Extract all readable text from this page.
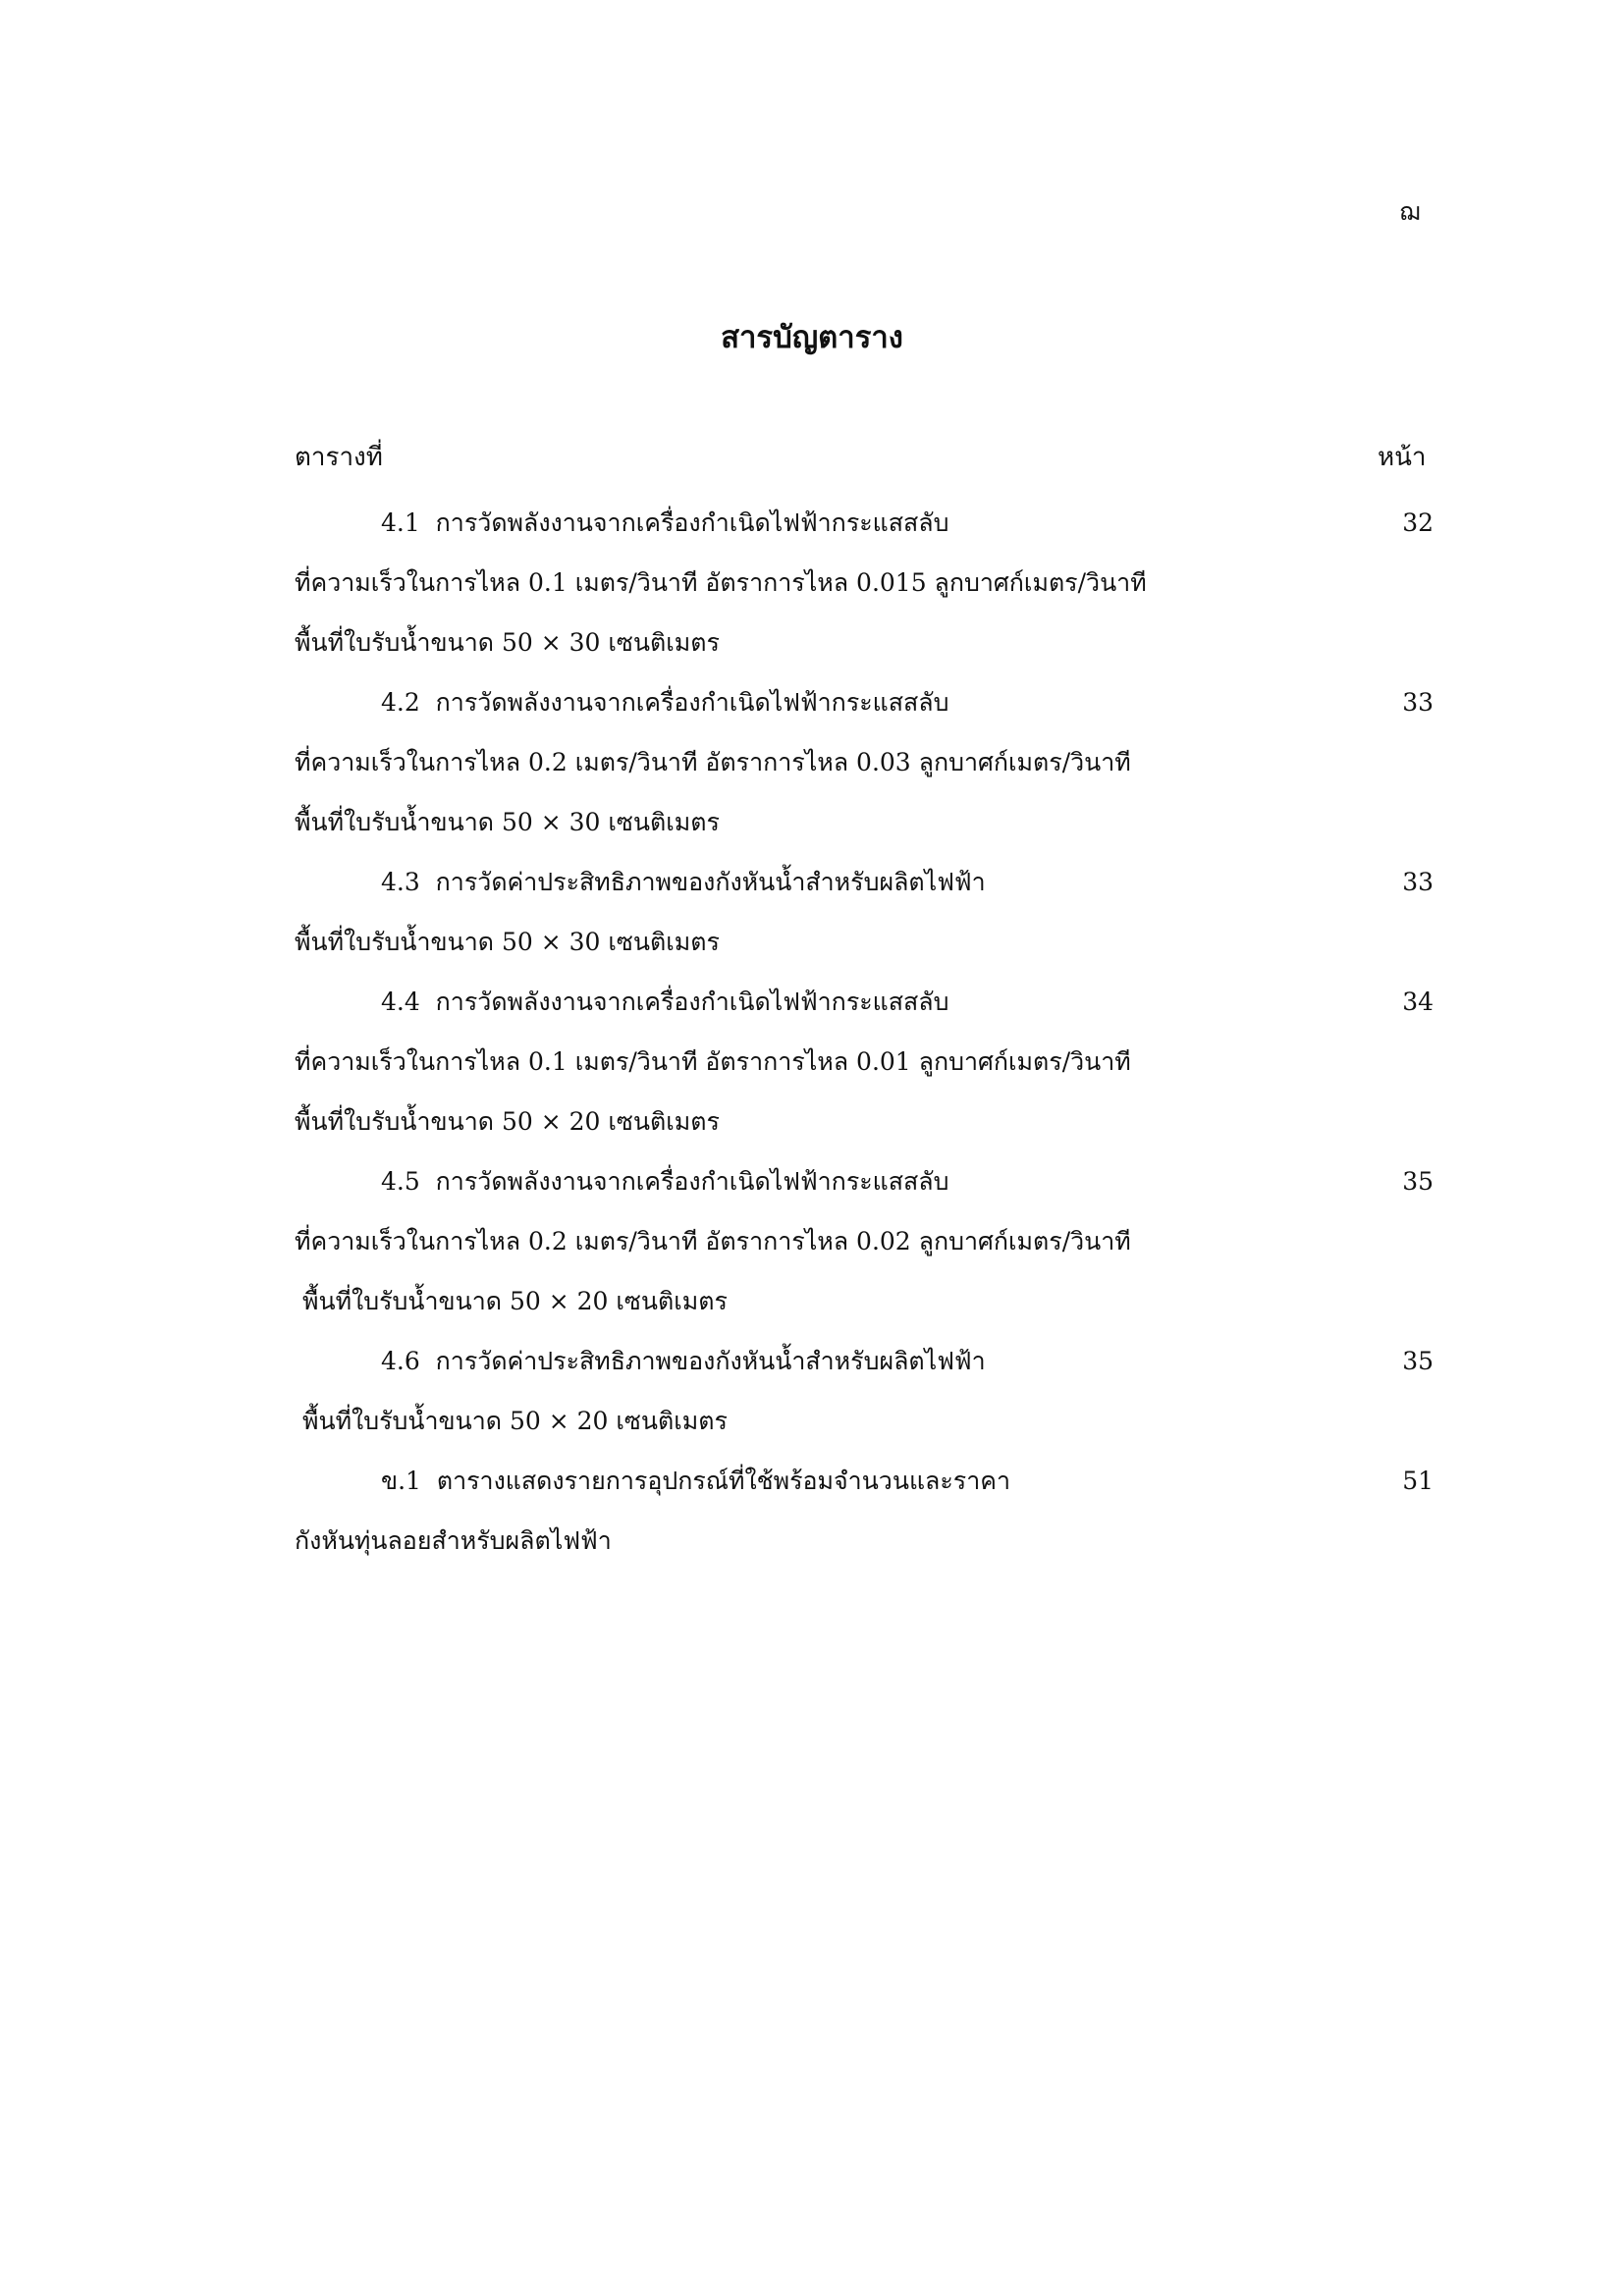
ฌ
สารบัญตาราง
ตารางที่	หน้า
4.1 การวัดพลังงานจากเครื่องกำเนิดไฟฟ้ากระแสสลับ	32
ที่ความเร็วในการไหล 0.1 เมตร/วินาที อัตราการไหล 0.015 ลูกบาศก์เมตร/วินาที
พื้นที่ใบรับน้ำขนาด 50 × 30 เซนติเมตร
4.2 การวัดพลังงานจากเครื่องกำเนิดไฟฟ้ากระแสสลับ	33
ที่ความเร็วในการไหล 0.2 เมตร/วินาที อัตราการไหล 0.03 ลูกบาศก์เมตร/วินาที
พื้นที่ใบรับน้ำขนาด 50 × 30 เซนติเมตร
4.3 การวัดค่าประสิทธิภาพของกังหันน้ำสำหรับผลิตไฟฟ้า	33
พื้นที่ใบรับน้ำขนาด 50 × 30 เซนติเมตร
4.4 การวัดพลังงานจากเครื่องกำเนิดไฟฟ้ากระแสสลับ	34
ที่ความเร็วในการไหล 0.1 เมตร/วินาที อัตราการไหล 0.01 ลูกบาศก์เมตร/วินาที
พื้นที่ใบรับน้ำขนาด 50 × 20 เซนติเมตร
4.5 การวัดพลังงานจากเครื่องกำเนิดไฟฟ้ากระแสสลับ	35
ที่ความเร็วในการไหล 0.2 เมตร/วินาที อัตราการไหล 0.02 ลูกบาศก์เมตร/วินาที
พื้นที่ใบรับน้ำขนาด 50 × 20 เซนติเมตร
4.6 การวัดค่าประสิทธิภาพของกังหันน้ำสำหรับผลิตไฟฟ้า	35
พื้นที่ใบรับน้ำขนาด 50 × 20 เซนติเมตร
ข.1 ตารางแสดงรายการอุปกรณ์ที่ใช้พร้อมจำนวนและราคา	51
กังหันทุ่นลอยสำหรับผลิตไฟฟ้า
